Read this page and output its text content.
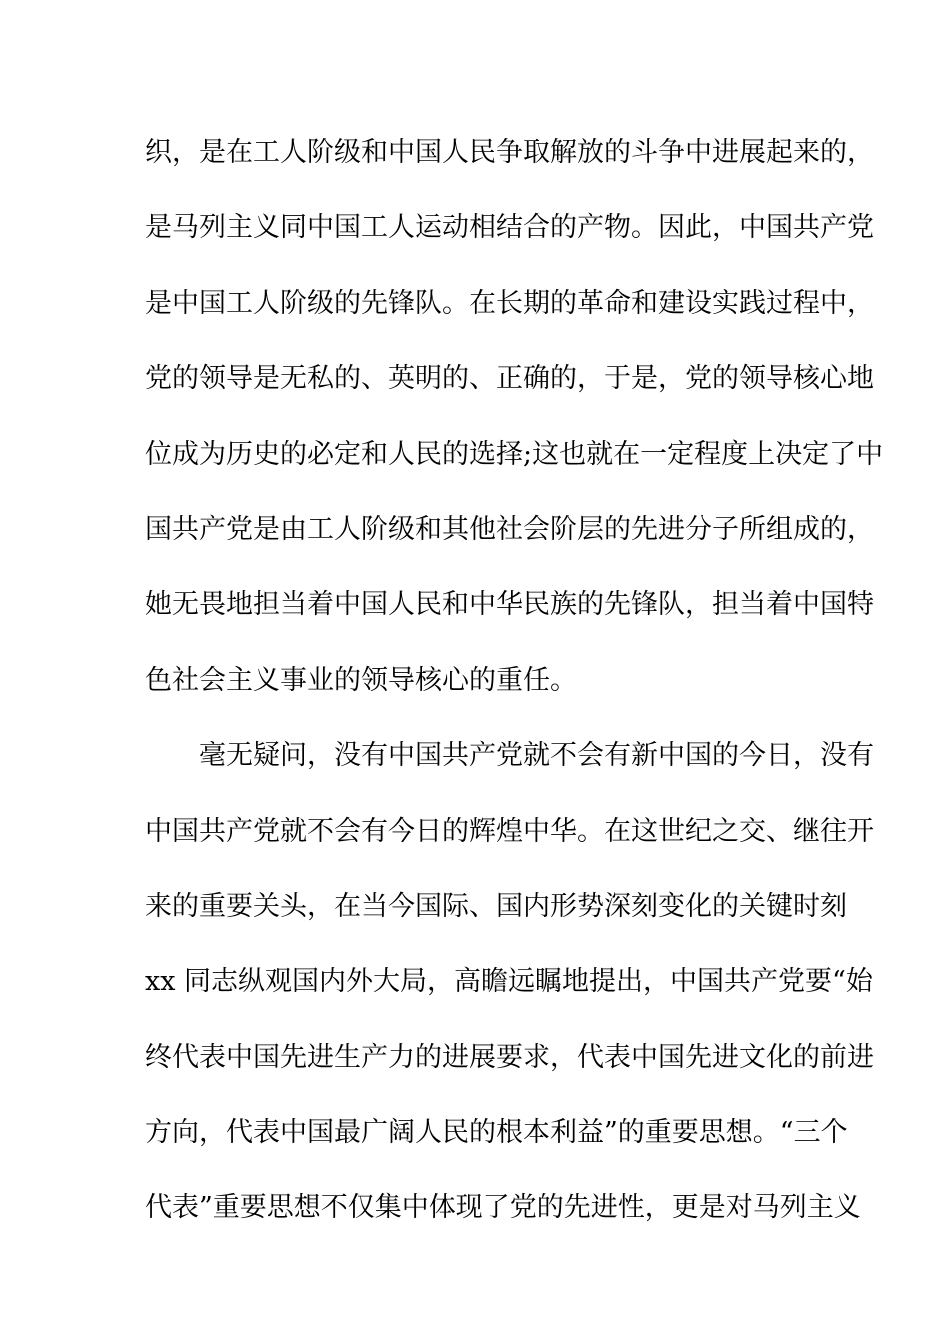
织，是在工人阶级和中国人民争取解放的斗争中进展起来的，
是马列主义同中国工人运动相结合的产物。因此，中国共产党
是中国工人阶级的先锋队。在长期的革命和建设实践过程中，
党的领导是无私的、英明的、正确的，于是，党的领导核心地
位成为历史的必定和人民的选择;这也就在一定程度上决定了中
国共产党是由工人阶级和其他社会阶层的先进分子所组成的，
她无畏地担当着中国人民和中华民族的先锋队，担当着中国特
色社会主义事业的领导核心的重任。
毫无疑问，没有中国共产党就不会有新中国的今日，没有
中国共产党就不会有今日的辉煌中华。在这世纪之交、继往开
来的重要关头，在当今国际、国内形势深刻变化的关键时刻
xx 同志纵观国内外大局，高瞻远瞩地提出，中国共产党要“始
终代表中国先进生产力的进展要求，代表中国先进文化的前进
方向，代表中国最广阔人民的根本利益”的重要思想。“三个
代表”重要思想不仅集中体现了党的先进性，更是对马列主义
